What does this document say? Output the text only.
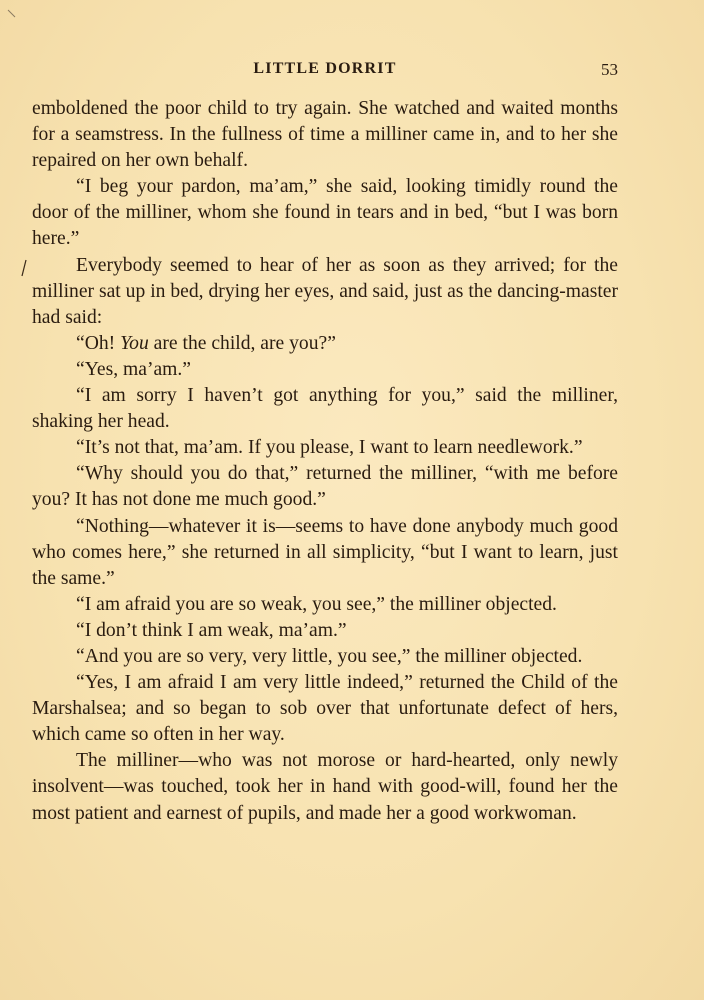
LITTLE DORRIT	53

emboldened the poor child to try again. She watched and waited months for a seamstress. In the fullness of time a milliner came in, and to her she repaired on her own behalf.

“I beg your pardon, ma’am,” she said, looking timidly round the door of the milliner, whom she found in tears and in bed, “but I was born here.”

Everybody seemed to hear of her as soon as they arrived; for the milliner sat up in bed, drying her eyes, and said, just as the dancing-master had said:

“Oh! You are the child, are you?”

“Yes, ma’am.”

“I am sorry I haven’t got anything for you,” said the milliner, shaking her head.

“It’s not that, ma’am. If you please, I want to learn needlework.”

“Why should you do that,” returned the milliner, “with me before you? It has not done me much good.”

“Nothing—whatever it is—seems to have done anybody much good who comes here,” she returned in all simplicity, “but I want to learn, just the same.”

“I am afraid you are so weak, you see,” the milliner objected.

“I don’t think I am weak, ma’am.”

“And you are so very, very little, you see,” the milliner objected.

“Yes, I am afraid I am very little indeed,” returned the Child of the Marshalsea; and so began to sob over that unfortunate defect of hers, which came so often in her way.

The milliner—who was not morose or hard-hearted, only newly insolvent—was touched, took her in hand with good-will, found her the most patient and earnest of pupils, and made her a good workwoman.
